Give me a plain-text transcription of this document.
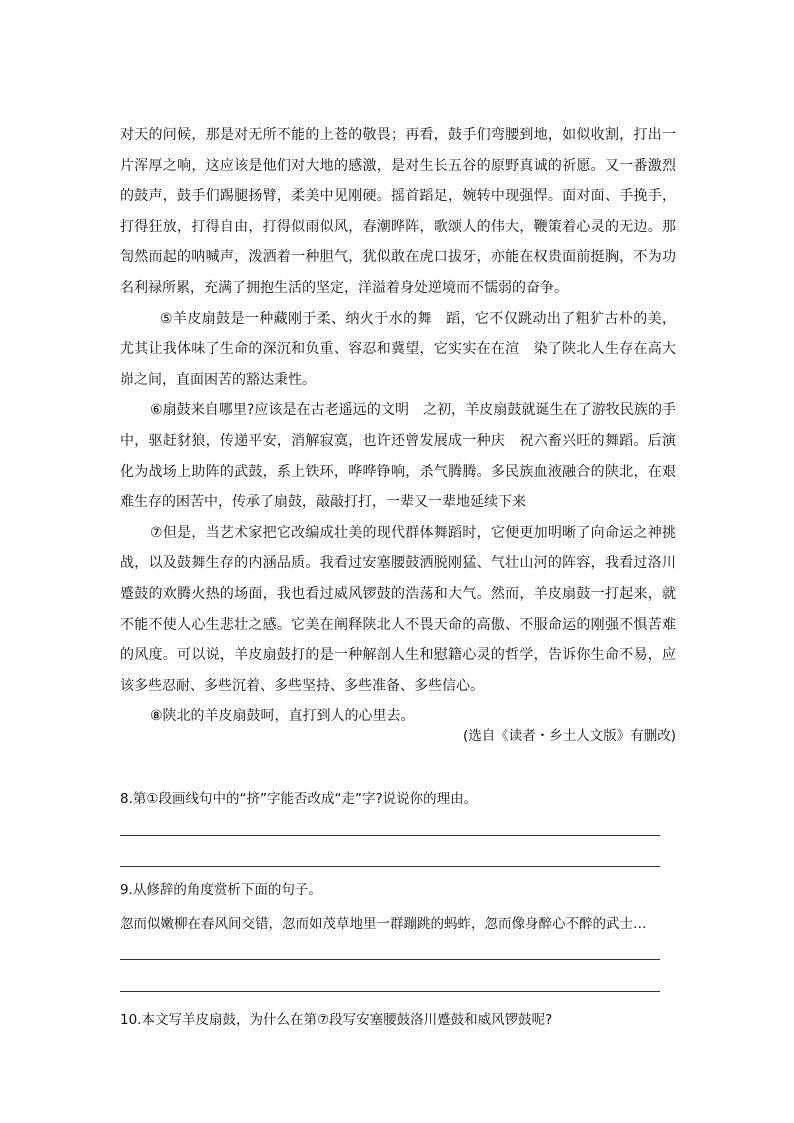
对天的问候，那是对无所不能的上苍的敬畏；再看，鼓手们弯腰到地，如似收割，打出一片浑厚之响，这应该是他们对大地的感激，是对生长五谷的原野真诚的祈愿。又一番激烈的鼓声，鼓手们踢腿扬臂，柔美中见刚硬。摇首蹈足，婉转中现强悍。面对面、手挽手，打得狂放，打得自由，打得似雨似风，春潮晔阵，歌颂人的伟大，鞭策着心灵的无边。那訇然而起的呐喊声，泼洒着一种胆气，犹似敢在虎口拔牙，亦能在权贵面前挺胸，不为功名利禄所累，充满了拥抱生活的坚定，洋溢着身处逆境而不懦弱的奋争。

⑤羊皮扇鼓是一种藏刚于柔、纳火于水的舞　蹈，它不仅跳动出了粗犷古朴的美，尤其让我体味了生命的深沉和负重、容忍和冀望，它实实在在渲　染了陕北人生存在高大峁之间，直面困苦的豁达秉性。

⑥扇鼓来自哪里?应该是在古老遥远的文明　之初，羊皮扇鼓就诞生在了游牧民族的手中，驱赶豺狼，传递平安，消解寂寞，也许还曾发展成一种庆　祝六畜兴旺的舞蹈。后演化为战场上助阵的武鼓，系上铁环，哗哗铮响，杀气腾腾。多民族血液融合的陕北，在艰难生存的困苦中，传承了扇鼓，敲敲打打，一辈又一辈地延续下来

⑦但是，当艺术家把它改编成壮美的现代群体舞蹈时，它便更加明晰了向命运之神挑战，以及鼓舞生存的内涵品质。我看过安塞腰鼓洒脱刚猛、气壮山河的阵容，我看过洛川蹙鼓的欢腾火热的场面，我也看过威风锣鼓的浩荡和大气。然而，羊皮扇鼓一打起来，就不能不使人心生悲壮之感。它美在阐释陕北人不畏天命的高傲、不服命运的刚强不惧苦难的风度。可以说，羊皮扇鼓打的是一种解剖人生和慰籍心灵的哲学，告诉你生命不易，应该多些忍耐、多些沉着、多些坚持、多些准备、多些信心。

⑧陕北的羊皮扇鼓呵，直打到人的心里去。

(选自《读者・乡土人文版》有删改)
8.第①段画线句中的“挤”字能否改成“走”字?说说你的理由。
9.从修辞的角度赏析下面的句子。
忽而似嫩柳在春风间交错，忽而如茂草地里一群蹦跳的蚂蚱，忽而像身醉心不醉的武士…
10.本文写羊皮扇鼓，为什么在第⑦段写安塞腰鼓洛川蹙鼓和威风锣鼓呢?
